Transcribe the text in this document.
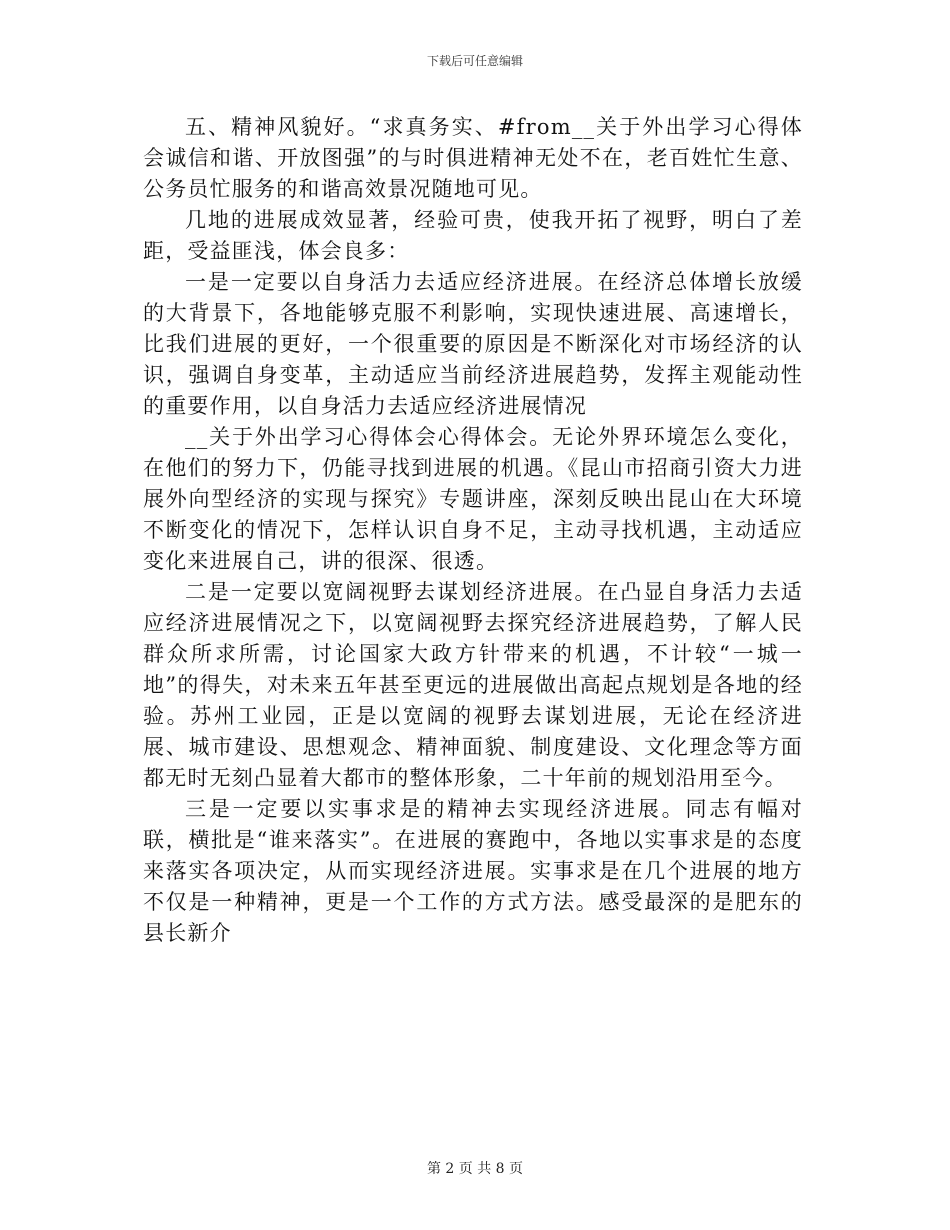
下载后可任意编辑

五、精神风貌好。“求真务实、#from__关于外出学习心得体会诚信和谐、开放图强”的与时俱进精神无处不在，老百姓忙生意、公务员忙服务的和谐高效景况随地可见。

几地的进展成效显著，经验可贵，使我开拓了视野，明白了差距，受益匪浅，体会良多：

一是一定要以自身活力去适应经济进展。在经济总体增长放缓的大背景下，各地能够克服不利影响，实现快速进展、高速增长，比我们进展的更好，一个很重要的原因是不断深化对市场经济的认识，强调自身变革，主动适应当前经济进展趋势，发挥主观能动性的重要作用，以自身活力去适应经济进展情况

__关于外出学习心得体会心得体会。无论外界环境怎么变化，在他们的努力下，仍能寻找到进展的机遇。《昆山市招商引资大力进展外向型经济的实现与探究》专题讲座，深刻反映出昆山在大环境不断变化的情况下，怎样认识自身不足，主动寻找机遇，主动适应变化来进展自己，讲的很深、很透。

二是一定要以宽阔视野去谋划经济进展。在凸显自身活力去适应经济进展情况之下，以宽阔视野去探究经济进展趋势，了解人民群众所求所需，讨论国家大政方针带来的机遇，不计较“一城一地”的得失，对未来五年甚至更远的进展做出高起点规划是各地的经验。苏州工业园，正是以宽阔的视野去谋划进展，无论在经济进展、城市建设、思想观念、精神面貌、制度建设、文化理念等方面都无时无刻凸显着大都市的整体形象，二十年前的规划沿用至今。

三是一定要以实事求是的精神去实现经济进展。同志有幅对联，横批是“谁来落实”。在进展的赛跑中，各地以实事求是的态度来落实各项决定，从而实现经济进展。实事求是在几个进展的地方不仅是一种精神，更是一个工作的方式方法。感受最深的是肥东的县长新介

第 2 页 共 8 页
